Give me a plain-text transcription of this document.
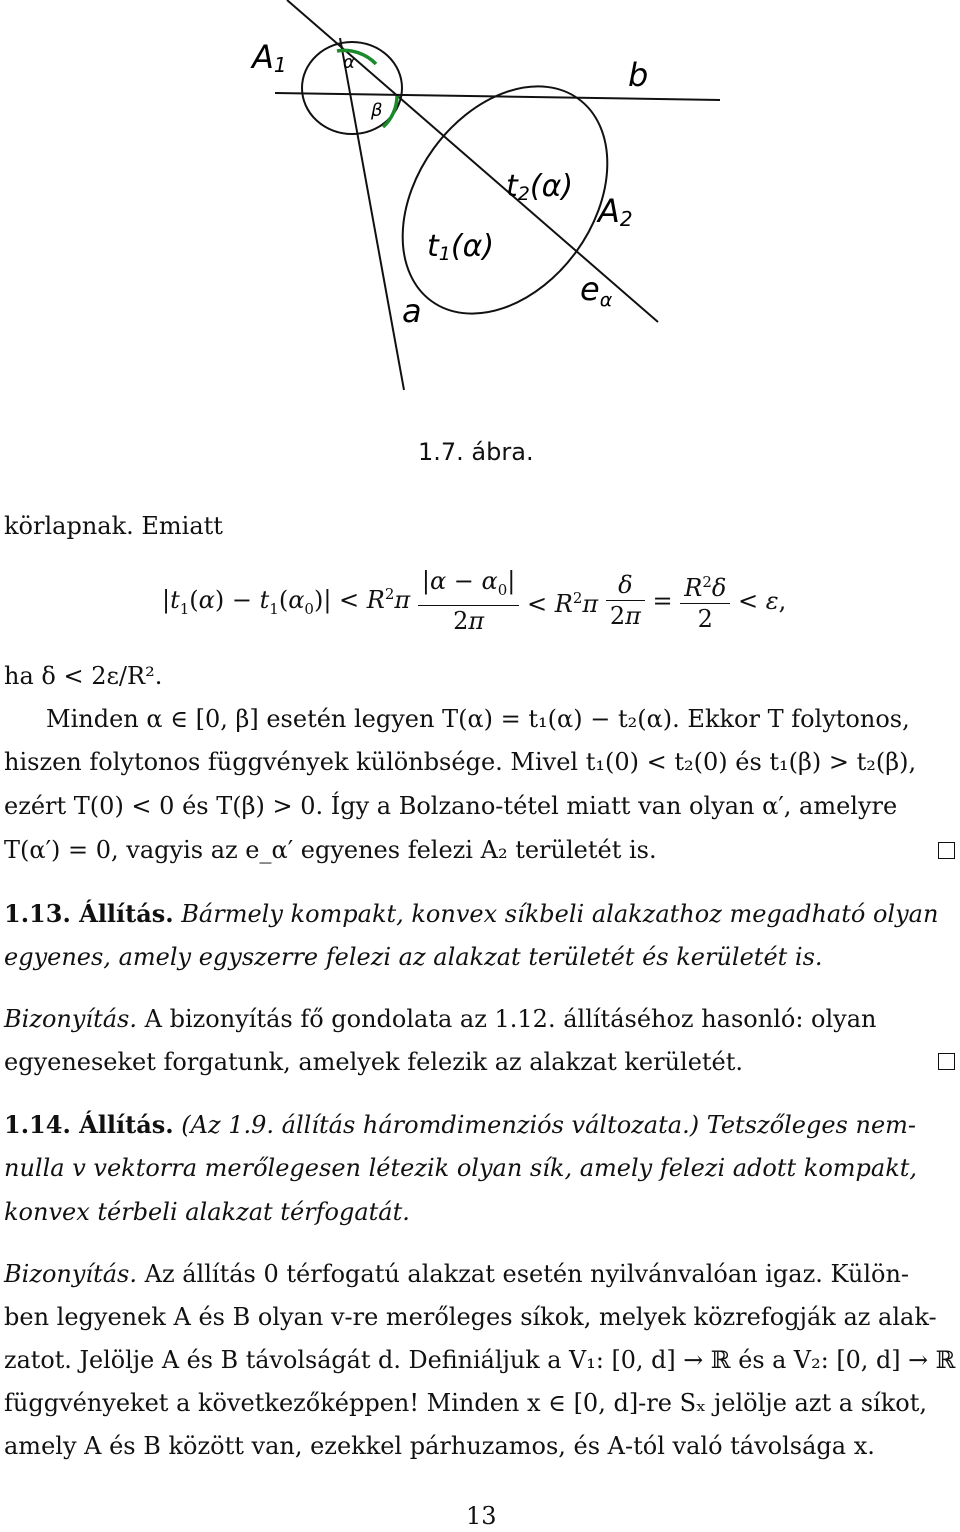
A1	α
β
b
t2(α)
A2
t1(α)
eα
a
1.7. ábra.
körlapnak. Emiatt
$|t_1(\alpha) - t_1(\alpha_0)| < R^2\pi \frac{|\alpha - \alpha_0|}{2\pi} < R^2\pi \frac{\delta}{2\pi} = \frac{R^2\delta}{2} < \varepsilon$,
ha δ < 2ε/R².
Minden α ∈ [0, β] esetén legyen T(α) = t₁(α) − t₂(α). Ekkor T folytonos,
hiszen folytonos függvények különbsége. Mivel t₁(0) < t₂(0) és t₁(β) > t₂(β),
ezért T(0) < 0 és T(β) > 0. Így a Bolzano-tétel miatt van olyan α′, amelyre
T(α′) = 0, vagyis az e_α′ egyenes felezi A₂ területét is.
1.13. Állítás. Bármely kompakt, konvex síkbeli alakzathoz megadható olyan
egyenes, amely egyszerre felezi az alakzat területét és kerületét is.
Bizonyítás. A bizonyítás fő gondolata az 1.12. állításéhoz hasonló: olyan
egyeneseket forgatunk, amelyek felezik az alakzat kerületét.
1.14. Állítás. (Az 1.9. állítás háromdimenziós változata.) Tetszőleges nem-
nulla v vektorra merőlegesen létezik olyan sík, amely felezi adott kompakt,
konvex térbeli alakzat térfogatát.
Bizonyítás. Az állítás 0 térfogatú alakzat esetén nyilvánvalóan igaz. Külön-
ben legyenek A és B olyan v-re merőleges síkok, melyek közrefogják az alak-
zatot. Jelölje A és B távolságát d. Definiáljuk a V₁: [0, d] → ℝ és a V₂: [0, d] → ℝ
függvényeket a következőképpen! Minden x ∈ [0, d]-re Sₓ jelölje azt a síkot,
amely A és B között van, ezekkel párhuzamos, és A-tól való távolsága x.
13
